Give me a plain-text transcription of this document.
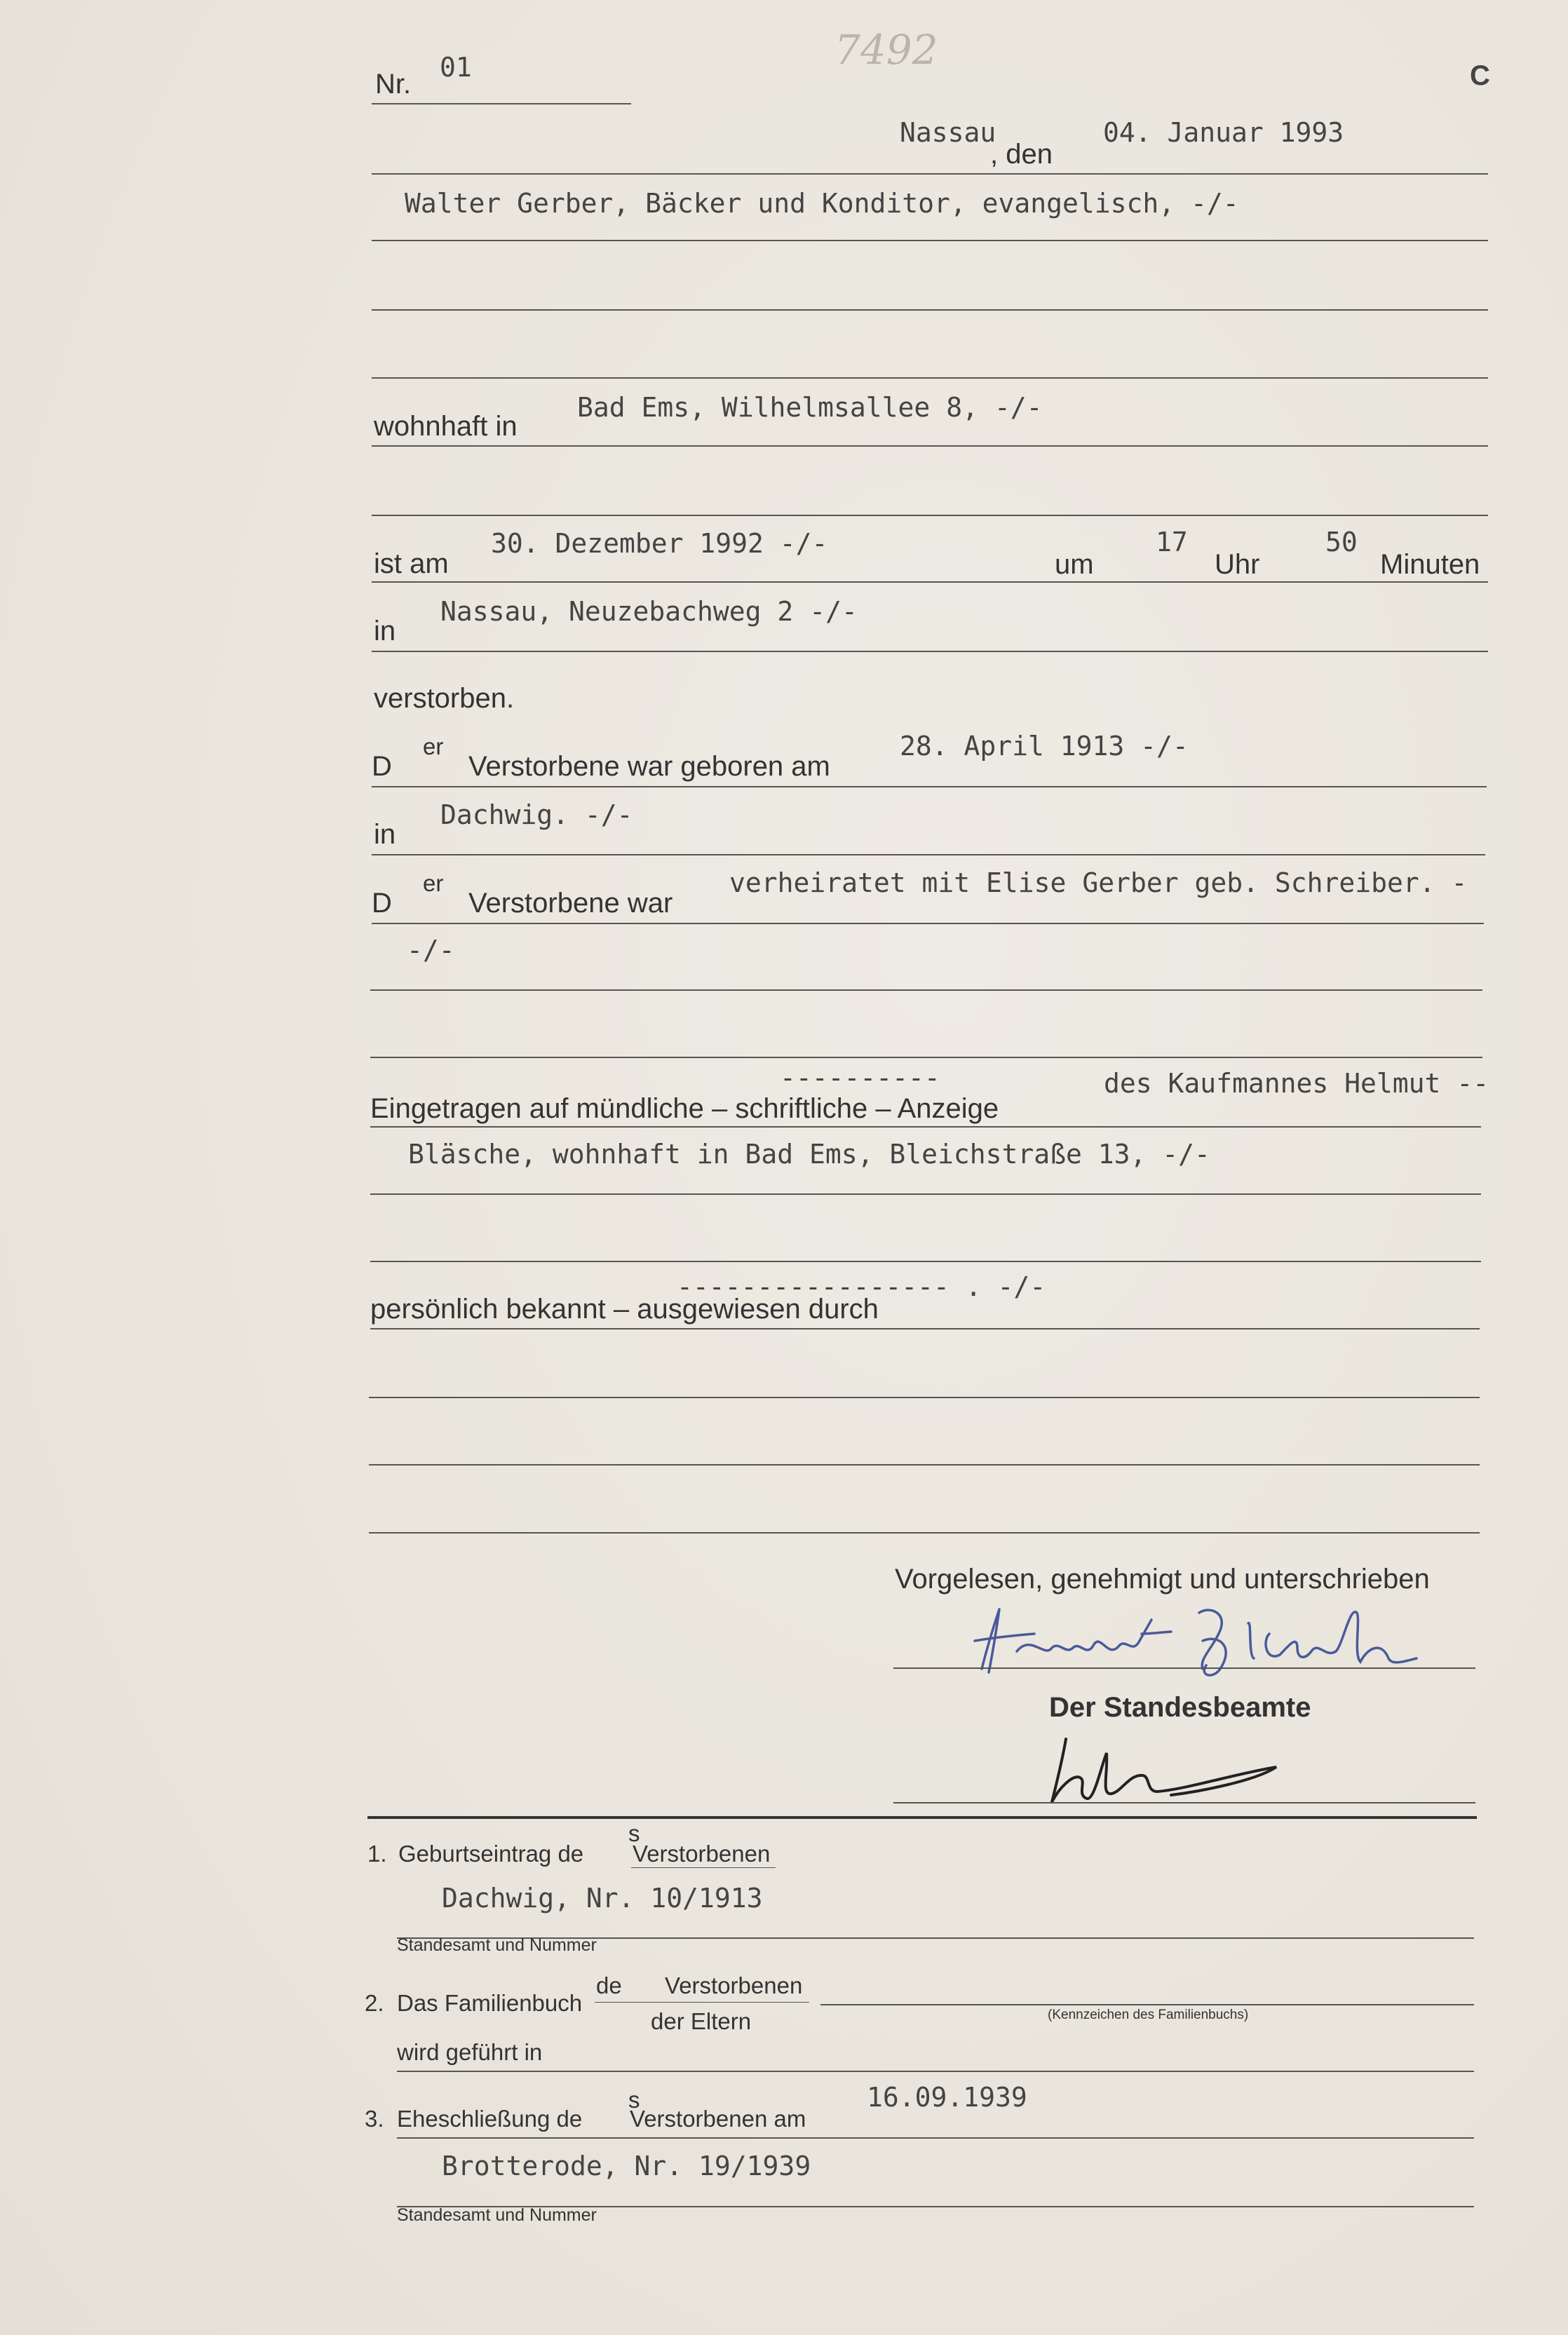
7492
C
Nr.
01
Nassau
, den
04. Januar 1993
Walter Gerber, Bäcker und Konditor, evangelisch, -/-
wohnhaft in
Bad Ems, Wilhelmsallee 8, -/-
ist am
30. Dezember 1992 -/-
um
17
Uhr
50
Minuten
in
Nassau, Neuzebachweg 2 -/-
verstorben.
D
er
Verstorbene war geboren am
28. April 1913 -/-
in
Dachwig. -/-
D
er
Verstorbene war
verheiratet mit Elise Gerber geb. Schreiber. -
-/-
----------	des Kaufmannes Helmut --
Eingetragen auf mündliche – schriftliche – Anzeige
Bläsche, wohnhaft in Bad Ems, Bleichstraße 13, -/-
----------------- . -/-
persönlich bekannt – ausgewiesen durch
Vorgelesen, genehmigt und unterschrieben
Der Standesbeamte
1. Geburtseintrag de
s
Verstorbenen
Dachwig, Nr. 10/1913
Standesamt und Nummer
2. Das Familienbuch
de Verstorbenen
der Eltern	(Kennzeichen des Familienbuchs)
wird geführt in
3. Eheschließung de
s
Verstorbenen am
16.09.1939
Brotterode, Nr. 19/1939
Standesamt und Nummer
